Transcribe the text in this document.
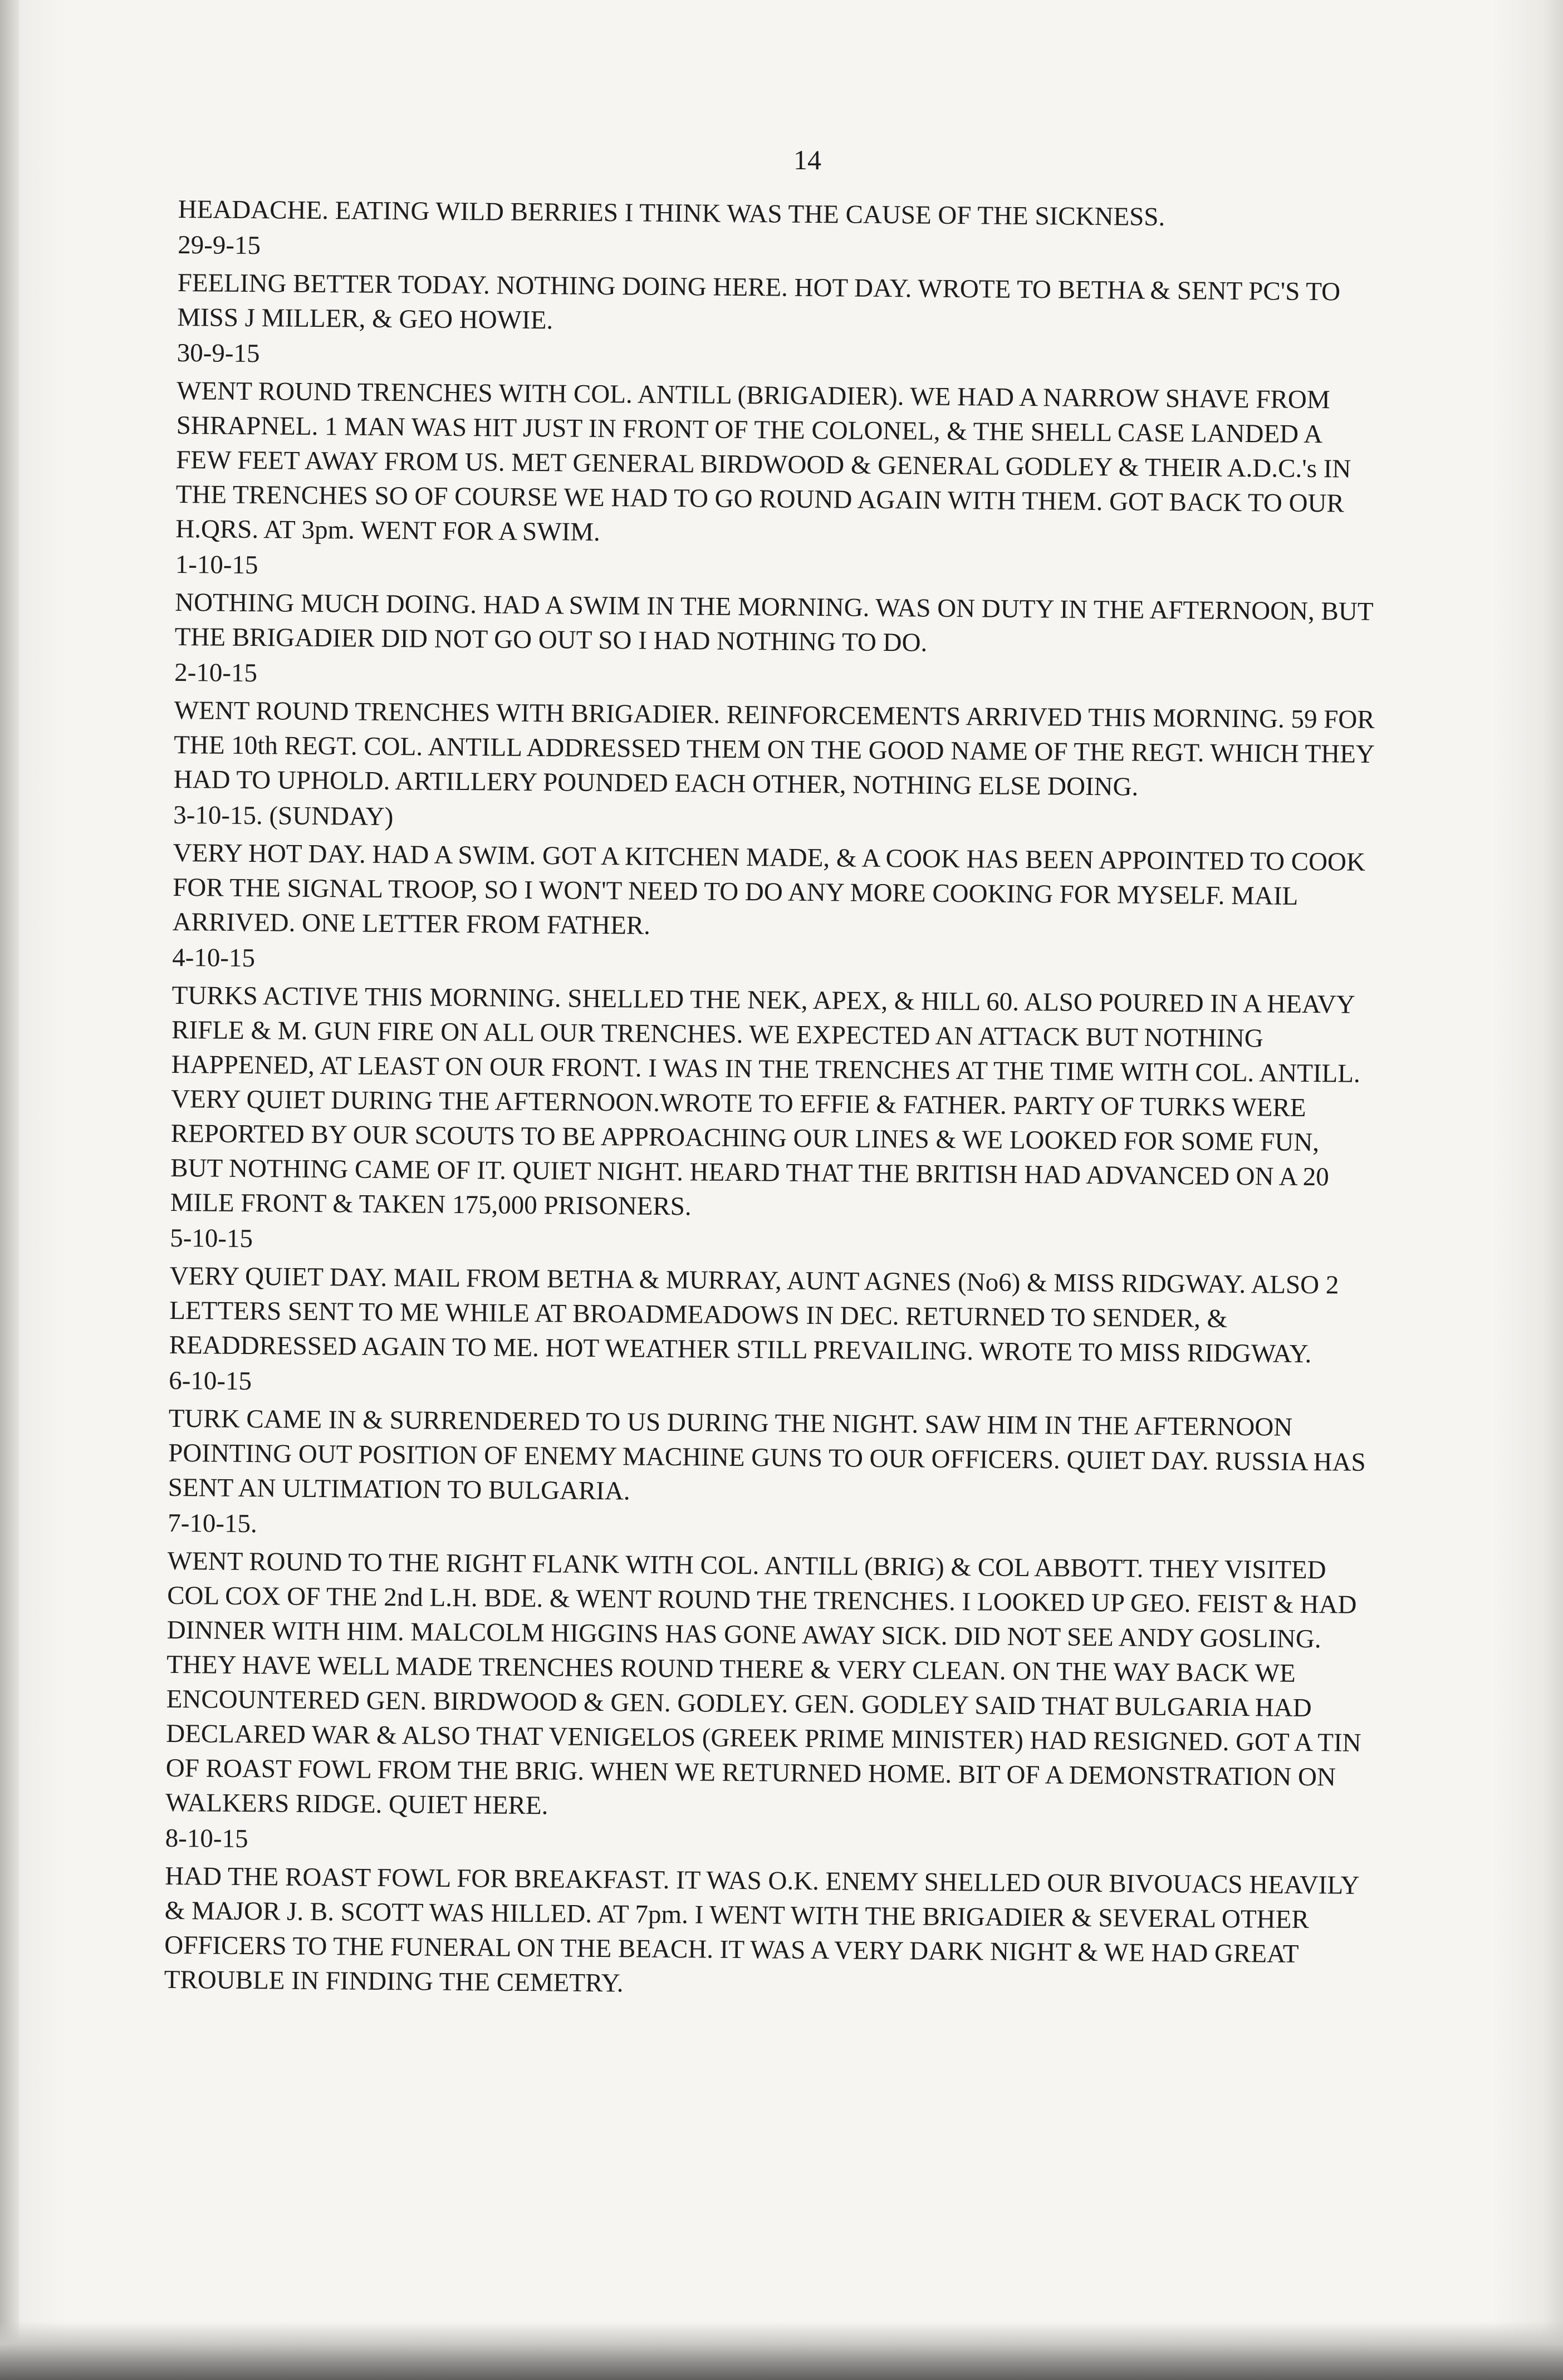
14
HEADACHE. EATING WILD BERRIES I THINK WAS THE CAUSE OF THE SICKNESS.
29-9-15
FEELING BETTER TODAY. NOTHING DOING HERE. HOT DAY. WROTE TO BETHA & SENT PC'S TO MISS J MILLER, & GEO HOWIE.
30-9-15
WENT ROUND TRENCHES WITH COL. ANTILL (BRIGADIER). WE HAD A NARROW SHAVE FROM SHRAPNEL. 1 MAN WAS HIT JUST IN FRONT OF THE COLONEL, & THE SHELL CASE LANDED A FEW FEET AWAY FROM US. MET GENERAL BIRDWOOD & GENERAL GODLEY & THEIR A.D.C.'s IN THE TRENCHES SO OF COURSE WE HAD TO GO ROUND AGAIN WITH THEM. GOT BACK TO OUR H.QRS. AT 3pm. WENT FOR A SWIM.
1-10-15
NOTHING MUCH DOING. HAD A SWIM IN THE MORNING. WAS ON DUTY IN THE AFTERNOON, BUT THE BRIGADIER DID NOT GO OUT SO I HAD NOTHING TO DO.
2-10-15
WENT ROUND TRENCHES WITH BRIGADIER. REINFORCEMENTS ARRIVED THIS MORNING. 59 FOR THE 10th REGT. COL. ANTILL ADDRESSED THEM ON THE GOOD NAME OF THE REGT. WHICH THEY HAD TO UPHOLD. ARTILLERY POUNDED EACH OTHER, NOTHING ELSE DOING.
3-10-15. (SUNDAY)
VERY HOT DAY. HAD A SWIM. GOT A KITCHEN MADE, & A COOK HAS BEEN APPOINTED TO COOK FOR THE SIGNAL TROOP, SO I WON'T NEED TO DO ANY MORE COOKING FOR MYSELF. MAIL ARRIVED. ONE LETTER FROM FATHER.
4-10-15
TURKS ACTIVE THIS MORNING. SHELLED THE NEK, APEX, & HILL 60. ALSO POURED IN A HEAVY RIFLE & M. GUN FIRE ON ALL OUR TRENCHES. WE EXPECTED AN ATTACK BUT NOTHING HAPPENED, AT LEAST ON OUR FRONT. I WAS IN THE TRENCHES AT THE TIME WITH COL. ANTILL. VERY QUIET DURING THE AFTERNOON.WROTE TO EFFIE & FATHER. PARTY OF TURKS WERE REPORTED BY OUR SCOUTS TO BE APPROACHING OUR LINES & WE LOOKED FOR SOME FUN, BUT NOTHING CAME OF IT. QUIET NIGHT. HEARD THAT THE BRITISH HAD ADVANCED ON A 20 MILE FRONT & TAKEN 175,000 PRISONERS.
5-10-15
VERY QUIET DAY. MAIL FROM BETHA & MURRAY, AUNT AGNES (No6) & MISS RIDGWAY. ALSO 2 LETTERS SENT TO ME WHILE AT BROADMEADOWS IN DEC. RETURNED TO SENDER, & READDRESSED AGAIN TO ME. HOT WEATHER STILL PREVAILING. WROTE TO MISS RIDGWAY.
6-10-15
TURK CAME IN & SURRENDERED TO US DURING THE NIGHT. SAW HIM IN THE AFTERNOON POINTING OUT POSITION OF ENEMY MACHINE GUNS TO OUR OFFICERS. QUIET DAY. RUSSIA HAS SENT AN ULTIMATION TO BULGARIA.
7-10-15.
WENT ROUND TO THE RIGHT FLANK WITH COL. ANTILL (BRIG) & COL ABBOTT. THEY VISITED COL COX OF THE 2nd L.H. BDE. & WENT ROUND THE TRENCHES. I LOOKED UP GEO. FEIST & HAD DINNER WITH HIM. MALCOLM HIGGINS HAS GONE AWAY SICK. DID NOT SEE ANDY GOSLING. THEY HAVE WELL MADE TRENCHES ROUND THERE & VERY CLEAN. ON THE WAY BACK WE ENCOUNTERED GEN. BIRDWOOD & GEN. GODLEY. GEN. GODLEY SAID THAT BULGARIA HAD DECLARED WAR & ALSO THAT VENIGELOS (GREEK PRIME MINISTER) HAD RESIGNED. GOT A TIN OF ROAST FOWL FROM THE BRIG. WHEN WE RETURNED HOME. BIT OF A DEMONSTRATION ON WALKERS RIDGE. QUIET HERE.
8-10-15
HAD THE ROAST FOWL FOR BREAKFAST. IT WAS O.K. ENEMY SHELLED OUR BIVOUACS HEAVILY & MAJOR J. B. SCOTT WAS HILLED. AT 7pm. I WENT WITH THE BRIGADIER & SEVERAL OTHER OFFICERS TO THE FUNERAL ON THE BEACH. IT WAS A VERY DARK NIGHT & WE HAD GREAT TROUBLE IN FINDING THE CEMETRY.
